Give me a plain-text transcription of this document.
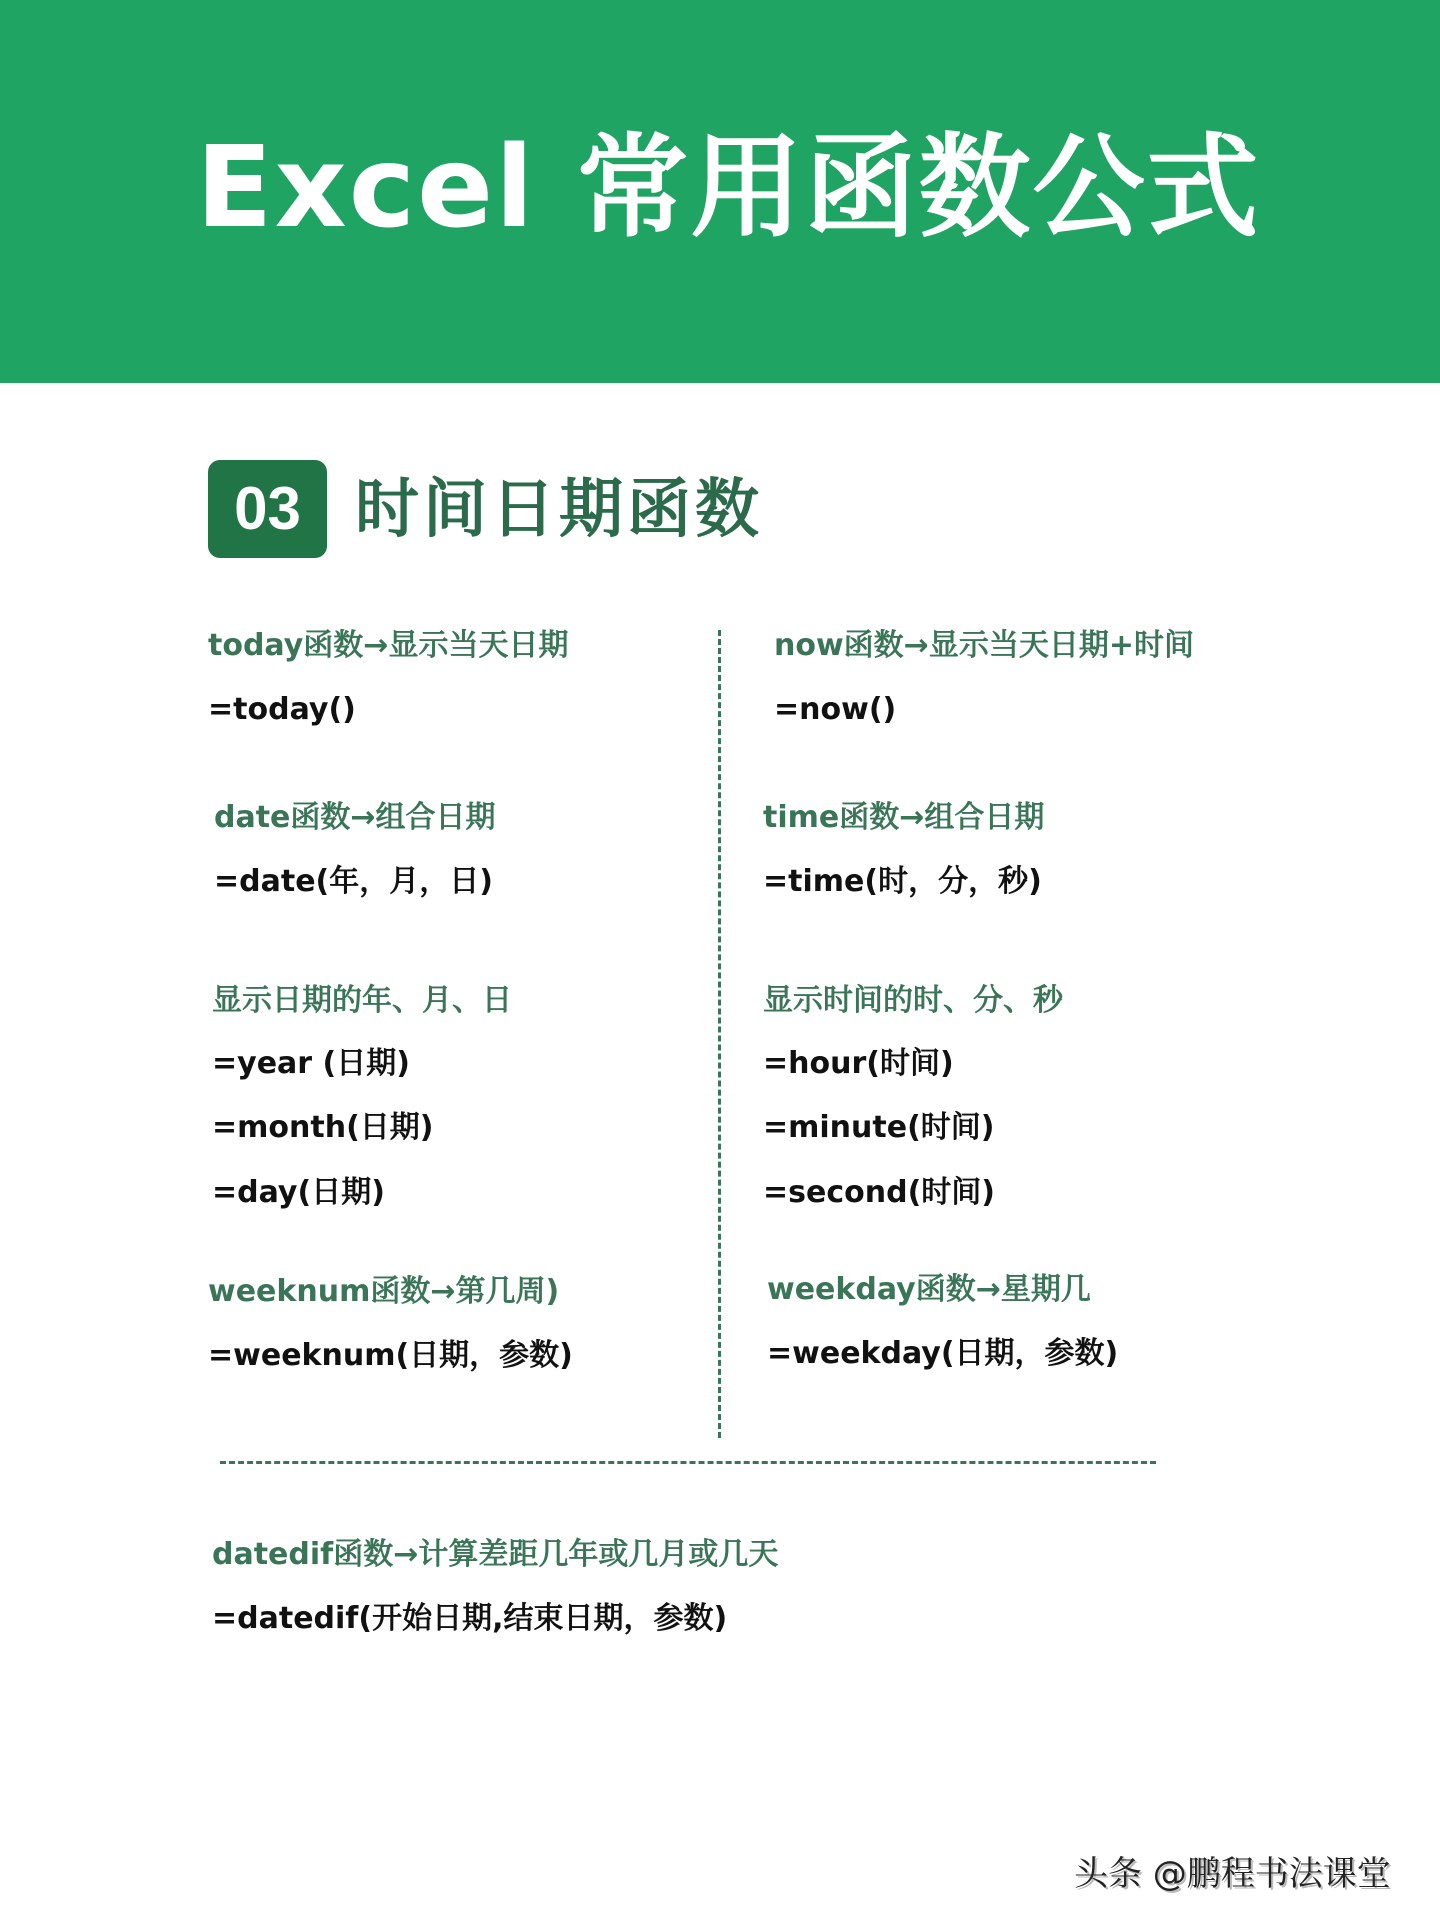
Excel 常用函数公式
03 时间日期函数
today函数→显示当天日期
=today()
date函数→组合日期
=date(年，月，日)
显示日期的年、月、日
=year (日期)
=month(日期)
=day(日期)
weeknum函数→第几周)
=weeknum(日期，参数)
now函数→显示当天日期+时间
=now()
time函数→组合日期
=time(时，分，秒)
显示时间的时、分、秒
=hour(时间)
=minute(时间)
=second(时间)
weekday函数→星期几
=weekday(日期，参数)
datedif函数→计算差距几年或几月或几天
=datedif(开始日期,结束日期，参数)
头条 @鹏程书法课堂
